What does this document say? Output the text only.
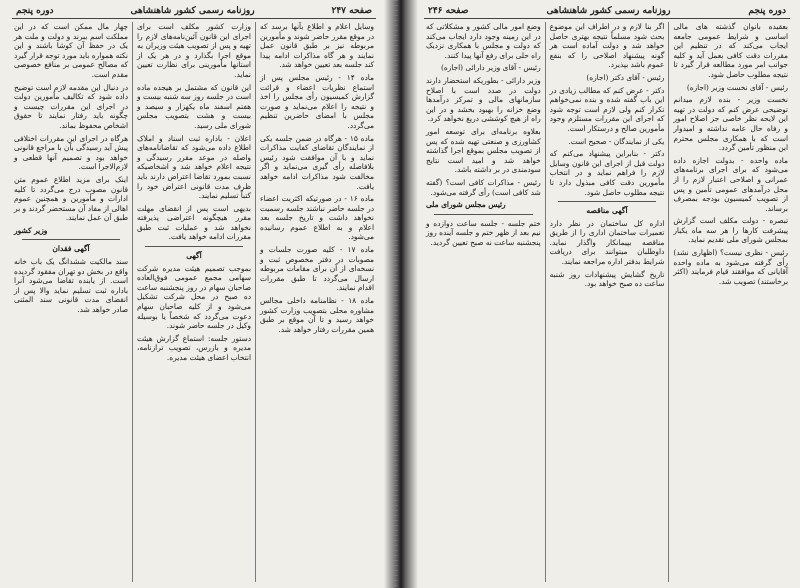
صفحه ۲۴۷
روزنامه رسمی کشور شاهنشاهی
دوره پنجم

وسایل اعلام و اطلاع بآنها برسد که در موقع مقرر حاضر شوند و مأمورین مربوطه نیز بر طبق قانون عمل نمایند و هر گاه مذاکرات ادامه پیدا کند جلسه بعد تعیین خواهد شد.

ماده ۱۴ - رئیس مجلس پس از استماع نظریات اعضاء و قرائت گزارش کمیسیون رأی مجلس را اخذ و نتیجه را اعلام می‌نماید و صورت مجلس با امضای حاضرین تنظیم می‌گردد.

ماده ۱۵ - هرگاه در ضمن جلسه یکی از نمایندگان تقاضای کفایت مذاکرات نماید و با آن موافقت شود رئیس بلافاصله رأی گیری می‌نماید و اگر مخالفت شود مذاکرات ادامه خواهد یافت.

ماده ۱۶ - در صورتیکه اکثریت اعضاء در جلسه حاضر نباشند جلسه رسمیت نخواهد داشت و تاریخ جلسه بعد اعلام و به اطلاع عموم رسانیده می‌شود.

ماده ۱۷ - کلیه صورت جلسات و مصوبات در دفتر مخصوص ثبت و نسخه‌ای از آن برای مقامات مربوطه ارسال می‌گردد تا طبق مقررات اقدام نمایند.

ماده ۱۸ - نظامنامه داخلی مجالس مشاوره محلی بتصویب وزارت کشور خواهد رسید و تا آن موقع بر طبق همین مقررات رفتار خواهد شد.

وزارت کشور مکلف است برای اجرای این قانون آئین‌نامه‌های لازم را تهیه و پس از تصویب هیئت وزیران به موقع اجرا بگذارد و در هر یک از استانها مأمورینی برای نظارت تعیین نماید.

این قانون که مشتمل بر هیجده ماده است در جلسه روز سه شنبه بیست و هفتم اسفند ماه یکهزار و سیصد و بیست و هشت بتصویب مجلس شورای ملی رسید.

اعلان - باداره ثبت اسناد و املاک اطلاع داده می‌شود که تقاضانامه‌های واصله در موعد مقرر رسیدگی و نتیجه اعلام خواهد شد و اشخاصیکه نسبت بمورد تقاضا اعتراض دارند باید ظرف مدت قانونی اعتراض خود را کتباً تسلیم نمایند.

بدیهی است پس از انقضای مهلت مقرر هیچگونه اعتراضی پذیرفته نخواهد شد و عملیات ثبت طبق مقررات ادامه خواهد یافت.

آگهی

بموجب تصمیم هیئت مدیره شرکت سهامی مجمع عمومی فوق‌العاده صاحبان سهام در روز پنجشنبه ساعت ده صبح در محل شرکت تشکیل می‌شود و از کلیه صاحبان سهام دعوت می‌گردد که شخصاً یا بوسیله وکیل در جلسه حاضر شوند.

دستور جلسه: استماع گزارش هیئت مدیره و بازرس، تصویب ترازنامه، انتخاب اعضای هیئت مدیره.

چهار مال ممکن است که در این مملکت اسم ببرند و دولت و ملت هر یک در حفظ آن کوشا باشند و این نکته همواره باید مورد توجه قرار گیرد که مصالح عمومی بر منافع خصوصی مقدم است.

در دنبال این مقدمه لازم است توضیح داده شود که تکالیف مأمورین دولت در اجرای این مقررات چیست و چگونه باید رفتار نمایند تا حقوق اشخاص محفوظ بماند.

هرگاه در اجرای این مقررات اختلافی پیش آید رسیدگی بآن با مراجع قانونی خواهد بود و تصمیم آنها قطعی و لازم‌الاجرا است.

اینک برای مزید اطلاع عموم متن قانون مصوب درج می‌گردد تا کلیه ادارات و مأمورین و همچنین عموم اهالی از مفاد آن مستحضر گردند و بر طبق آن عمل نمایند.

وزیر کشور
آگهی فقدان

سند مالکیت ششدانگ یک باب خانه واقع در بخش دو تهران مفقود گردیده است. از یابنده تقاضا می‌شود آنرا باداره ثبت تسلیم نماید والا پس از انقضای مدت قانونی سند المثنی صادر خواهد شد.

دوره پنجم
روزنامه رسمی کشور شاهنشاهی
صفحه ۲۴۶

بعقیده بانوان گذشته های مالی اساسی و شرایط عمومی جامعه ایجاب می‌کند که در تنظیم این مقررات دقت کافی بعمل آید و کلیه جوانب امر مورد مطالعه قرار گیرد تا نتیجه مطلوب حاصل شود.

رئیس - آقای نخست وزیر (اجازه)

نخست وزیر - بنده لازم میدانم توضیحی عرض کنم که دولت در تهیه این لایحه نظر خاصی جز اصلاح امور و رفاه حال عامه نداشته و امیدوار است که با همکاری مجلس محترم این منظور تأمین گردد.

ماده واحده - بدولت اجازه داده می‌شود که برای اجرای برنامه‌های عمرانی و اصلاحی اعتبار لازم را از محل درآمدهای عمومی تأمین و پس از تصویب کمیسیون بودجه بمصرف برساند.

تبصره - دولت مکلف است گزارش پیشرفت کارها را هر سه ماه یکبار بمجلس شورای ملی تقدیم نماید.

رئیس - نظری نیست؟ (اظهاری نشد) رأی گرفته می‌شود به ماده واحده آقایانی که موافقند قیام فرمایند (اکثر برخاستند) تصویب شد.

اگر بنا لازم و در اطراف این موضوع بحث شود مسلماً نتیجه بهتری حاصل خواهد شد و دولت آماده است هر گونه پیشنهاد اصلاحی را که بنفع عموم باشد بپذیرد.

رئیس - آقای دکتر (اجازه)

دکتر - عرض کنم که مطالب زیادی در این باب گفته شده و بنده نمی‌خواهم تکرار کنم ولی لازم است توجه شود که اجرای این مقررات مستلزم وجود مأمورین صالح و درستکار است.

یکی از نمایندگان - صحیح است.

دکتر - بنابراین پیشنهاد می‌کنم که دولت قبل از اجرای این قانون وسایل لازم را فراهم نماید و در انتخاب مأمورین دقت کافی مبذول دارد تا نتیجه مطلوب حاصل شود.

آگهی مناقصه

اداره کل ساختمان در نظر دارد تعمیرات ساختمان اداری را از طریق مناقصه بپیمانکار واگذار نماید. داوطلبان میتوانند برای دریافت شرایط بدفتر اداره مراجعه نمایند.

تاریخ گشایش پیشنهادات روز شنبه ساعت ده صبح خواهد بود.

وضع امور مالی کشور و مشکلاتی که در این زمینه وجود دارد ایجاب می‌کند که دولت و مجلس با همکاری نزدیک راه حلی برای رفع آنها پیدا کنند.

رئیس - آقای وزیر دارائی (اجازه)

وزیر دارائی - بطوریکه استحضار دارند دولت در صدد است با اصلاح سازمانهای مالی و تمرکز درآمدها وضع خزانه را بهبود بخشد و در این راه از هیچ کوششی دریغ نخواهد کرد.

بعلاوه برنامه‌ای برای توسعه امور کشاورزی و صنعتی تهیه شده که پس از تصویب مجلس بموقع اجرا گذاشته خواهد شد و امید است نتایج سودمندی در بر داشته باشد.

رئیس - مذاکرات کافی است؟ (گفته شد کافی است) رأی گرفته می‌شود.

رئیس مجلس شورای ملی

ختم جلسه - جلسه ساعت دوازده و نیم بعد از ظهر ختم و جلسه آینده روز پنجشنبه ساعت نه صبح تعیین گردید.
